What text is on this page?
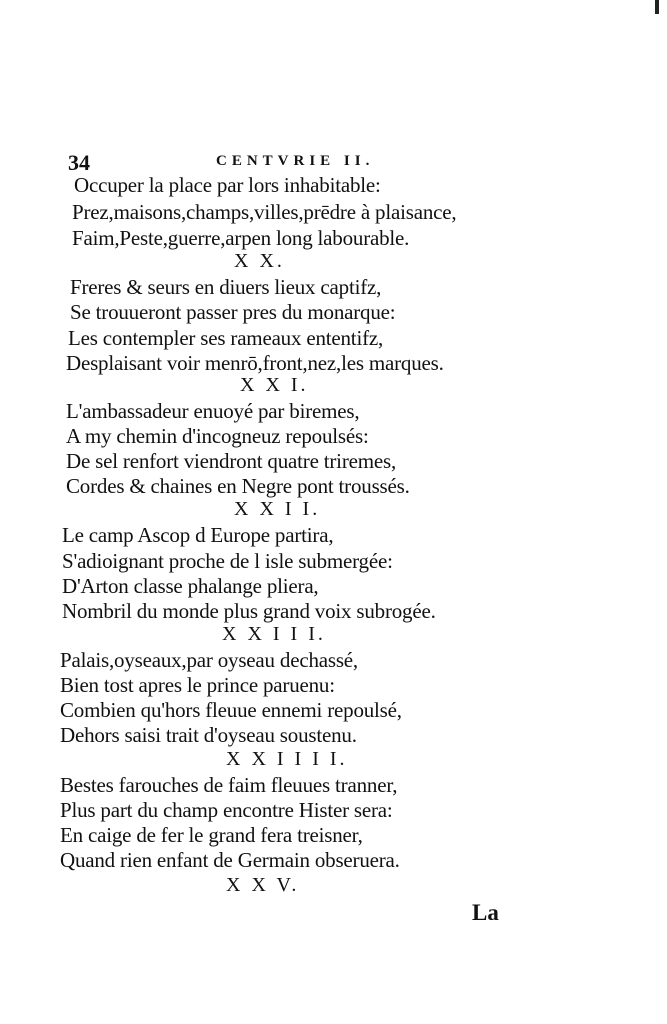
34	CENTVRIE II.
Occuper la place par lors inhabitable:
Prez,maisons,champs,villes,prēdre à plaisance,
Faim,Peste,guerre,arpen long labourable.
X X.
Freres & seurs en diuers lieux captifz,
Se trouueront passer pres du monarque:
Les contempler ses rameaux ententifz,
Desplaisant voir menrō,front,nez,les marques.
X X I.
L'ambassadeur enuoyé par biremes,
A my chemin d'incogneuz repoulsés:
De sel renfort viendront quatre triremes,
Cordes & chaines en Negre pont troussés.
X X I I.
Le camp Ascop d Europe partira,
S'adioignant proche de l isle submergée:
D'Arton classe phalange pliera,
Nombril du monde plus grand voix subrogée.
X X I I I.
Palais,oyseaux,par oyseau dechassé,
Bien tost apres le prince paruenu:
Combien qu'hors fleuue ennemi repoulsé,
Dehors saisi trait d'oyseau soustenu.
X X I I I I.
Bestes farouches de faim fleuues tranner,
Plus part du champ encontre Hister sera:
En caige de fer le grand fera treisner,
Quand rien enfant de Germain obseruera.
X X V.
La
